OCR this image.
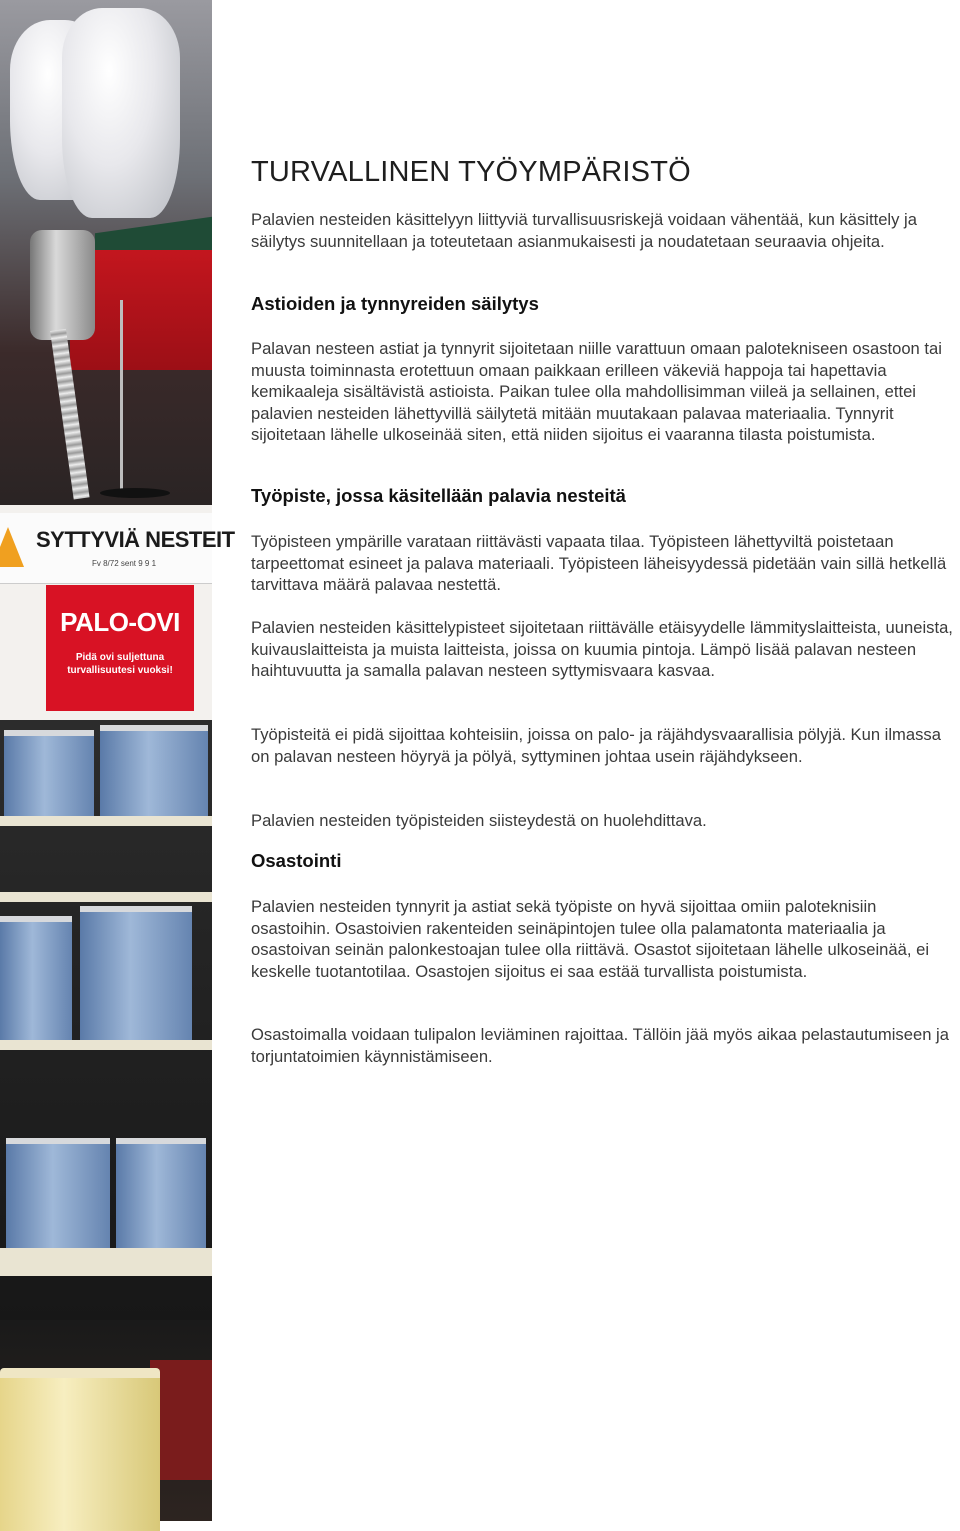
SYTTYVIÄ NESTEIT
Fv 8/72 sent 9 9 1
PALO-OVI
Pidä ovi suljettuna turvallisuutesi vuoksi!
TURVALLINEN TYÖYMPÄRISTÖ

Palavien nesteiden käsittelyyn liittyviä turvallisuusriskejä voidaan vähentää, kun käsittely ja säilytys suunnitellaan ja toteutetaan asianmukaisesti ja noudatetaan seuraavia ohjeita.

Astioiden ja tynnyreiden säilytys

Palavan nesteen astiat ja tynnyrit sijoitetaan niille varattuun omaan palotekniseen osastoon tai muusta toiminnasta erotettuun omaan paikkaan erilleen väkeviä happoja tai hapettavia kemikaaleja sisältävistä astioista. Paikan tulee olla mahdollisimman viileä ja sellainen, ettei palavien nesteiden lähettyvillä säilytetä mitään muutakaan palavaa materiaalia. Tynnyrit sijoitetaan lähelle ulkoseinää siten, että niiden sijoitus ei vaaranna tilasta poistumista.

Työpiste, jossa käsitellään palavia nesteitä

Työpisteen ympärille varataan riittävästi vapaata tilaa. Työpisteen lähettyviltä poistetaan tarpeettomat esineet ja palava materiaali. Työpisteen läheisyydessä pidetään vain sillä hetkellä tarvittava määrä palavaa nestettä.

Palavien nesteiden käsittelypisteet sijoitetaan riittävälle etäisyydelle lämmityslaitteista, uuneista, kuivauslaitteista ja muista laitteista, joissa on kuumia pintoja. Lämpö lisää palavan nesteen haihtuvuutta ja samalla palavan nesteen syttymisvaara kasvaa.

Työpisteitä ei pidä sijoittaa kohteisiin, joissa on palo- ja räjähdysvaarallisia pölyjä. Kun ilmassa on palavan nesteen höyryä ja pölyä, syttyminen johtaa usein räjähdykseen.

Palavien nesteiden työpisteiden siisteydestä on huolehdittava.

Osastointi

Palavien nesteiden tynnyrit ja astiat sekä työpiste on hyvä sijoittaa omiin paloteknisiin osastoihin. Osastoivien rakenteiden seinäpintojen tulee olla palamatonta materiaalia ja osastoivan seinän palonkestoajan tulee olla riittävä. Osastot sijoitetaan lähelle ulkoseinää, ei keskelle tuotantotilaa. Osastojen sijoitus ei saa estää turvallista poistumista.

Osastoimalla voidaan tulipalon leviäminen rajoittaa. Tällöin jää myös aikaa pelastautumiseen ja torjuntatoimien käynnistämiseen.
